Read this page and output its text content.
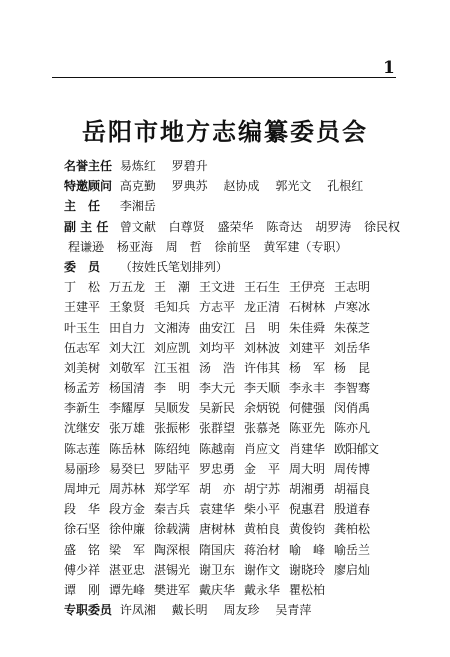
1
岳阳市地方志编纂委员会
名誉主任 易炼红 罗碧升
特邀顾问 高克勤 罗典苏 赵协成 郭光文 孔根红
主　任 李湘岳
副 主 任 曾文献 白尊贤 盛荣华 陈奇达 胡罗涛 徐民权
程谦逊 杨亚海 周　哲 徐前坚 黄军建（专职）
委　员 （按姓氏笔划排列）
丁　松 万五龙 王　潮 王文进 王石生 王伊亮 王志明
王建平 王象贤 毛知兵 方志平 龙正清 石树林 卢寒冰
叶玉生 田自力 文湘涛 曲安江 吕　明 朱佳舜 朱葆芝
伍志军 刘大江 刘应凯 刘均平 刘林波 刘建平 刘岳华
刘美树 刘敬军 江玉祖 汤　浩 许伟其 杨　军 杨　昆
杨孟芳 杨国清 李　明 李大元 李天顺 李永丰 李智骞
李新生 李耀厚 吴顺发 吴新民 余炳锐 何健强 闵俏禹
沈继安 张万雄 张振彬 张群望 张慕尧 陈亚先 陈亦凡
陈志莲 陈岳林 陈绍纯 陈越南 肖应文 肖建华 欧阳郁文
易丽珍 易癸巳 罗陆平 罗忠勇 金　平 周大明 周传博
周坤元 周苏林 郑学军 胡　亦 胡宁苏 胡湘勇 胡福良
段　华 段方金 秦吉兵 袁建华 柴小平 倪惠君 殷道春
徐石坚 徐仲廉 徐载满 唐树林 黄柏良 黄俊钧 龚柏松
盛　铭 梁　军 陶深根 隋国庆 蒋治材 喻　峰 喻岳兰
傅少祥 湛亚忠 湛锡光 谢卫东 谢作文 谢晓玲 廖启灿
谭　刚 谭先峰 樊进军 戴庆华 戴永华 瞿松柏
专职委员 许凤湘 戴长明 周友珍 吴青萍
